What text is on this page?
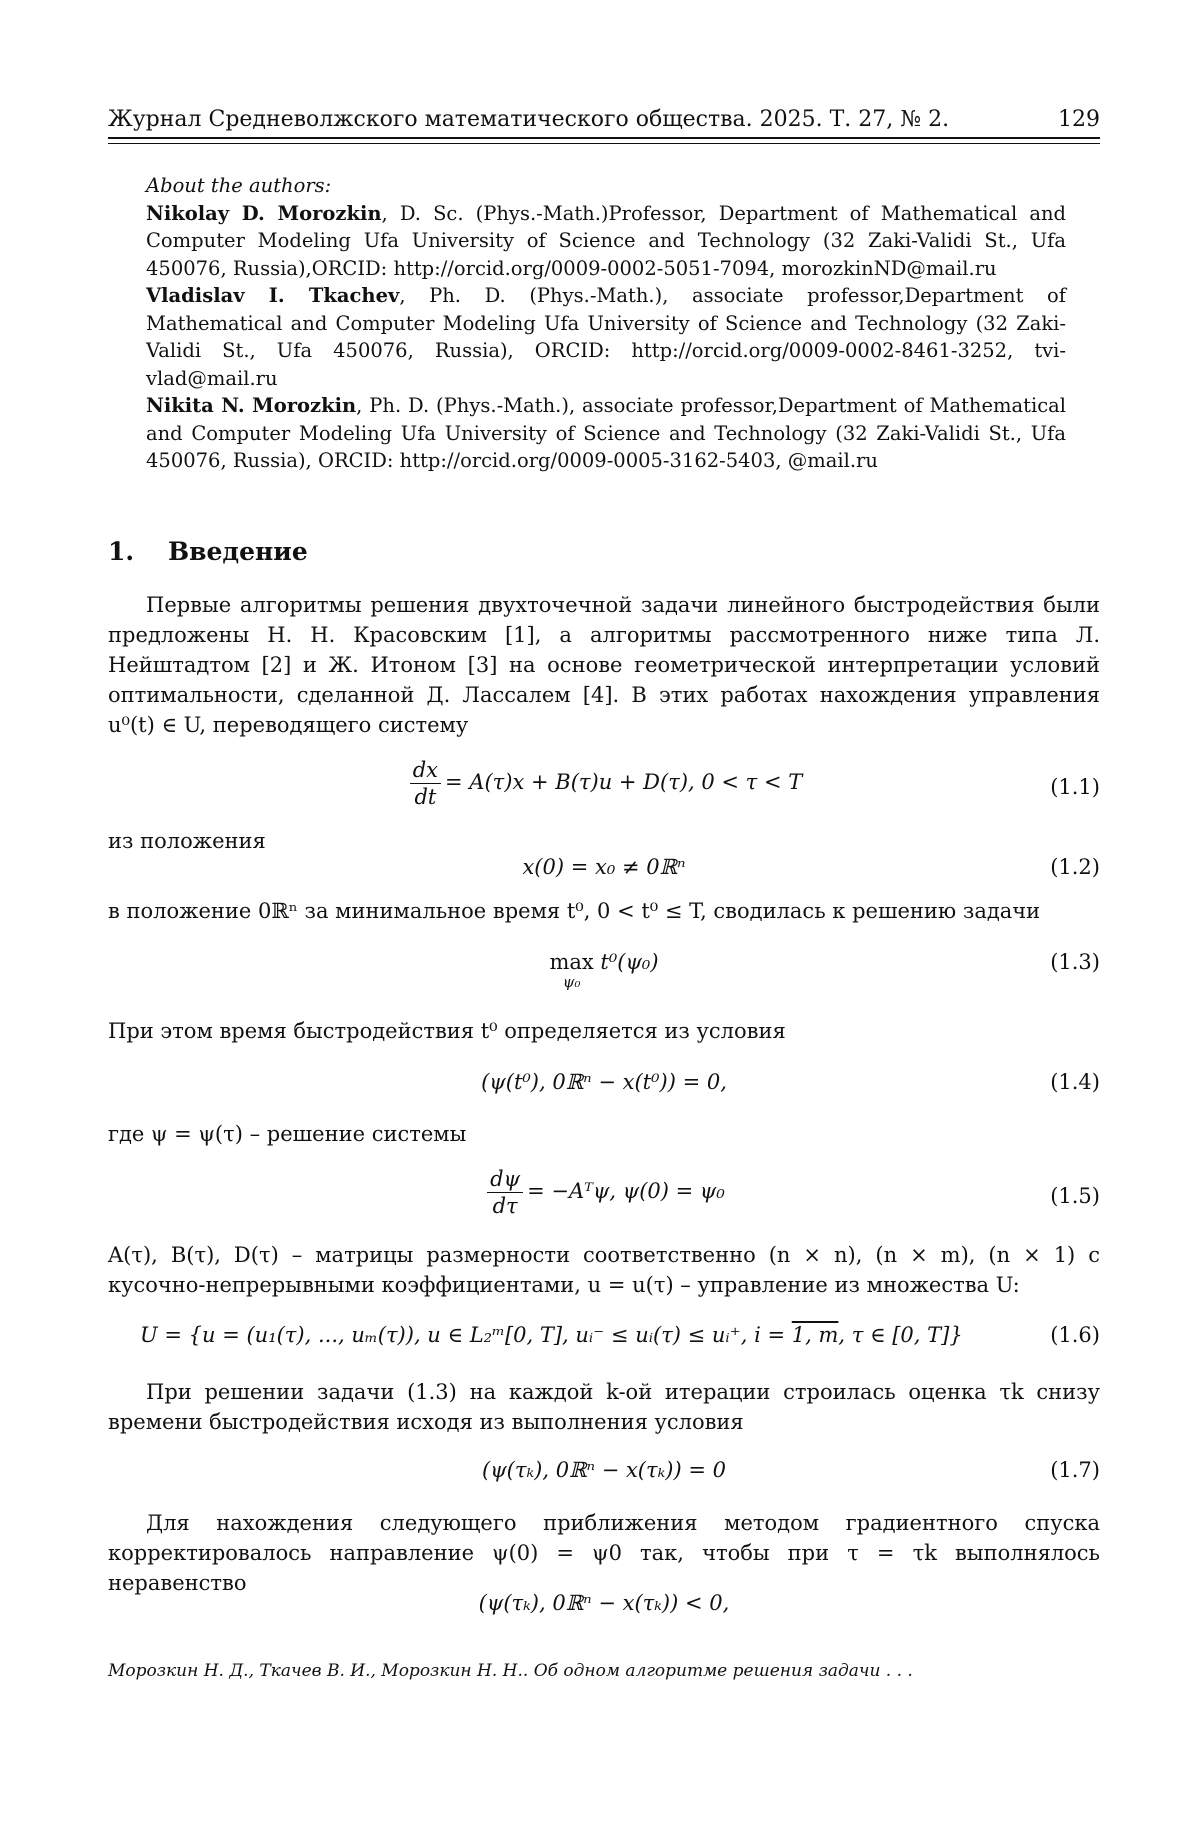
Журнал Средневолжского математического общества. 2025. Т. 27, № 2.	129

About the authors:

Nikolay D. Morozkin, D. Sc. (Phys.-Math.)Professor, Department of Mathematical and Computer Modeling Ufa University of Science and Technology (32 Zaki-Validi St., Ufa 450076, Russia),ORCID: http://orcid.org/0009-0002-5051-7094, morozkinND@mail.ru

Vladislav I. Tkachev, Ph. D. (Phys.-Math.), associate professor,Department of Mathematical and Computer Modeling Ufa University of Science and Technology (32 Zaki-Validi St., Ufa 450076, Russia), ORCID: http://orcid.org/0009-0002-8461-3252, tvi-vlad@mail.ru

Nikita N. Morozkin, Ph. D. (Phys.-Math.), associate professor,Department of Mathematical and Computer Modeling Ufa University of Science and Technology (32 Zaki-Validi St., Ufa 450076, Russia), ORCID: http://orcid.org/0009-0005-3162-5403, @mail.ru

1. Введение

Первые алгоритмы решения двухточечной задачи линейного быстродействия были предложены Н. Н. Красовским [1], а алгоритмы рассмотренного ниже типа Л. Нейштадтом [2] и Ж. Итоном [3] на основе геометрической интерпретации условий оптимальности, сделанной Д. Лассалем [4]. В этих работах нахождения управления u⁰(t) ∈ U, переводящего систему

$\frac{dx}{dt} = A(\tau)x + B(\tau)u + D(\tau)$, 0 < τ < T	(1.1)

из положения

x(0) = x₀ ≠ 0ℝⁿ	(1.2)

в положение 0ℝⁿ за минимальное время t⁰, 0 < t⁰ ≤ T, сводилась к решению задачи

max
ψ₀
t⁰(ψ₀)	(1.3)

При этом время быстродействия t⁰ определяется из условия

(ψ(t⁰), 0ℝⁿ − x(t⁰)) = 0,	(1.4)

где ψ = ψ(τ) – решение системы

$\frac{d\psi}{d\tau}$ = −Aᵀψ, ψ(0) = ψ₀	(1.5)

A(τ), B(τ), D(τ) – матрицы размерности соответственно (n × n), (n × m), (n × 1) с кусочно-непрерывными коэффициентами, u = u(τ) – управление из множества U:

U = {u = (u₁(τ), ..., uₘ(τ)), u ∈ L₂ᵐ[0, T], uᵢ⁻ ≤ uᵢ(τ) ≤ uᵢ⁺, i = 1, m, τ ∈ [0, T]}	(1.6)

При решении задачи (1.3) на каждой k-ой итерации строилась оценка τk снизу времени быстродействия исходя из выполнения условия

(ψ(τₖ), 0ℝⁿ − x(τₖ)) = 0	(1.7)

Для нахождения следующего приближения методом градиентного спуска корректировалось направление ψ(0) = ψ0 так, чтобы при τ = τk выполнялось неравенство

(ψ(τₖ), 0ℝⁿ − x(τₖ)) < 0,
Морозкин Н. Д., Ткачев В. И., Морозкин Н. Н.. Об одном алгоритме решения задачи . . .
